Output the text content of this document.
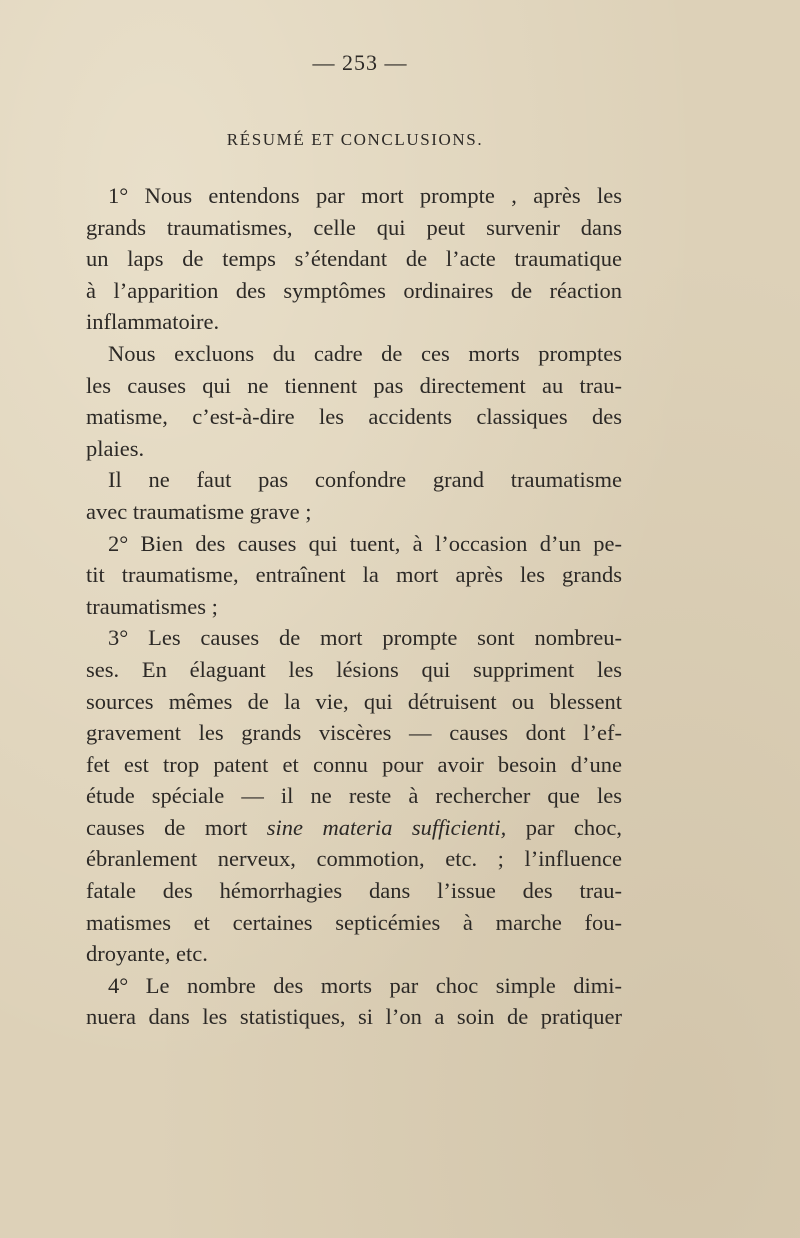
— 253 —
RÉSUMÉ ET CONCLUSIONS.
1° Nous entendons par mort prompte , après les
grands traumatismes, celle qui peut survenir dans
un laps de temps s’étendant de l’acte traumatique
à l’apparition des symptômes ordinaires de réaction
inflammatoire.
Nous excluons du cadre de ces morts promptes
les causes qui ne tiennent pas directement au trau-
matisme, c’est-à-dire les accidents classiques des
plaies.
Il ne faut pas confondre grand traumatisme
avec traumatisme grave ;
2° Bien des causes qui tuent, à l’occasion d’un pe-
tit traumatisme, entraînent la mort après les grands
traumatismes ;
3° Les causes de mort prompte sont nombreu-
ses. En élaguant les lésions qui suppriment les
sources mêmes de la vie, qui détruisent ou blessent
gravement les grands viscères — causes dont l’ef-
fet est trop patent et connu pour avoir besoin d’une
étude spéciale — il ne reste à rechercher que les
causes de mort sine materia sufficienti, par choc,
ébranlement nerveux, commotion, etc. ; l’influence
fatale des hémorrhagies dans l’issue des trau-
matismes et certaines septicémies à marche fou-
droyante, etc.
4° Le nombre des morts par choc simple dimi-
nuera dans les statistiques, si l’on a soin de pratiquer
